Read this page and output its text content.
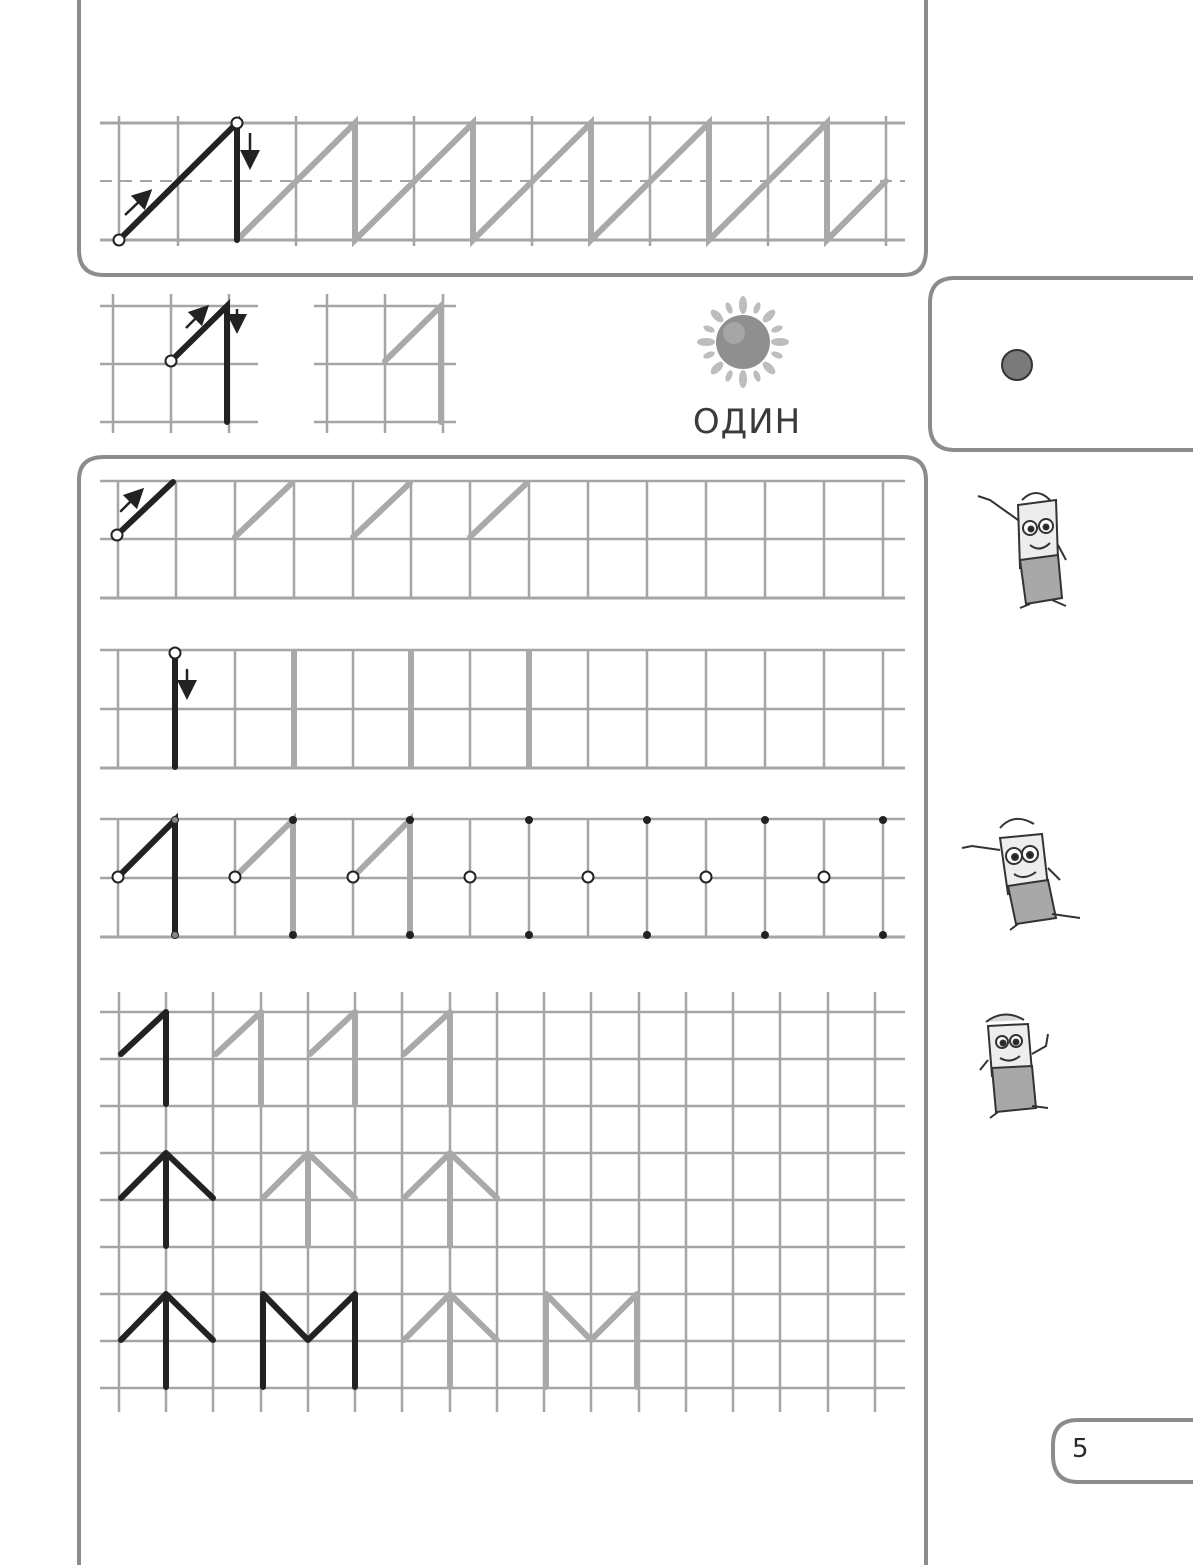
ОДИН
5
